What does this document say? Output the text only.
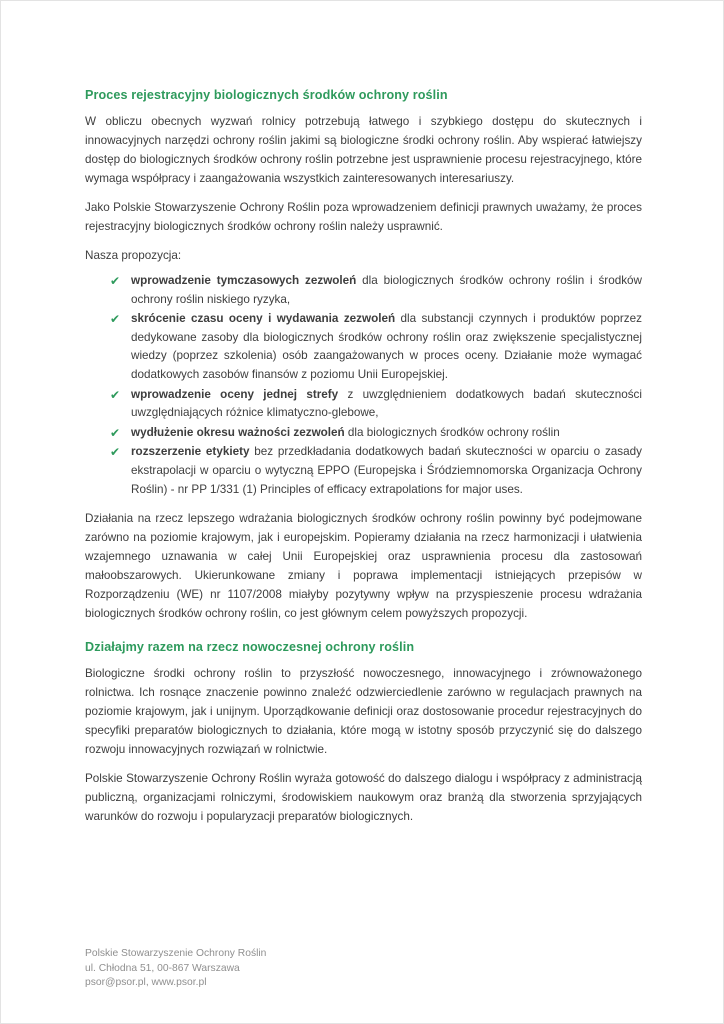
Proces rejestracyjny biologicznych środków ochrony roślin

W obliczu obecnych wyzwań rolnicy potrzebują łatwego i szybkiego dostępu do skutecznych i innowacyjnych narzędzi ochrony roślin jakimi są biologiczne środki ochrony roślin. Aby wspierać łatwiejszy dostęp do biologicznych środków ochrony roślin potrzebne jest usprawnienie procesu rejestracyjnego, które wymaga współpracy i zaangażowania wszystkich zainteresowanych interesariuszy.

Jako Polskie Stowarzyszenie Ochrony Roślin poza wprowadzeniem definicji prawnych uważamy, że proces rejestracyjny biologicznych środków ochrony roślin należy usprawnić.

Nasza propozycja:

✔ wprowadzenie tymczasowych zezwoleń dla biologicznych środków ochrony roślin i środków ochrony roślin niskiego ryzyka,
✔ skrócenie czasu oceny i wydawania zezwoleń dla substancji czynnych i produktów poprzez dedykowane zasoby dla biologicznych środków ochrony roślin oraz zwiększenie specjalistycznej wiedzy (poprzez szkolenia) osób zaangażowanych w proces oceny. Działanie może wymagać dodatkowych zasobów finansów z poziomu Unii Europejskiej.
✔ wprowadzenie oceny jednej strefy z uwzględnieniem dodatkowych badań skuteczności uwzględniających różnice klimatyczno-glebowe,
✔ wydłużenie okresu ważności zezwoleń dla biologicznych środków ochrony roślin
✔ rozszerzenie etykiety bez przedkładania dodatkowych badań skuteczności w oparciu o zasady ekstrapolacji w oparciu o wytyczną EPPO (Europejska i Śródziemnomorska Organizacja Ochrony Roślin) - nr PP 1/331 (1) Principles of efficacy extrapolations for major uses.

Działania na rzecz lepszego wdrażania biologicznych środków ochrony roślin powinny być podejmowane zarówno na poziomie krajowym, jak i europejskim. Popieramy działania na rzecz harmonizacji i ułatwienia wzajemnego uznawania w całej Unii Europejskiej oraz usprawnienia procesu dla zastosowań małoobszarowych. Ukierunkowane zmiany i poprawa implementacji istniejących przepisów w Rozporządzeniu (WE) nr 1107/2008 miałyby pozytywny wpływ na przyspieszenie procesu wdrażania biologicznych środków ochrony roślin, co jest głównym celem powyższych propozycji.

Działajmy razem na rzecz nowoczesnej ochrony roślin

Biologiczne środki ochrony roślin to przyszłość nowoczesnego, innowacyjnego i zrównoważonego rolnictwa. Ich rosnące znaczenie powinno znaleźć odzwierciedlenie zarówno w regulacjach prawnych na poziomie krajowym, jak i unijnym. Uporządkowanie definicji oraz dostosowanie procedur rejestracyjnych do specyfiki preparatów biologicznych to działania, które mogą w istotny sposób przyczynić się do dalszego rozwoju innowacyjnych rozwiązań w rolnictwie.

Polskie Stowarzyszenie Ochrony Roślin wyraża gotowość do dalszego dialogu i współpracy z administracją publiczną, organizacjami rolniczymi, środowiskiem naukowym oraz branżą dla stworzenia sprzyjających warunków do rozwoju i popularyzacji preparatów biologicznych.

Polskie Stowarzyszenie Ochrony Roślin
ul. Chłodna 51, 00-867 Warszawa
psor@psor.pl, www.psor.pl
